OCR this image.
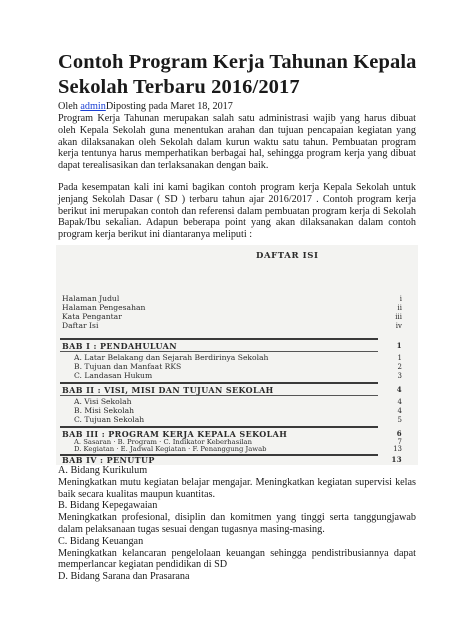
Contoh Program Kerja Tahunan Kepala Sekolah Terbaru 2016/2017
Oleh adminDiposting pada Maret 18, 2017
Program Kerja Tahunan merupakan salah satu administrasi wajib yang harus dibuat oleh Kepala Sekolah guna menentukan arahan dan tujuan pencapaian kegiatan yang akan dilaksanakan oleh Sekolah dalam kurun waktu satu tahun. Pembuatan program kerja tentunya harus memperhatikan berbagai hal, sehingga program kerja yang dibuat dapat terealisasikan dan terlaksanakan dengan baik.
Pada kesempatan kali ini kami bagikan contoh program kerja Kepala Sekolah untuk jenjang Sekolah Dasar ( SD ) terbaru tahun ajar 2016/2017 . Contoh program kerja berikut ini merupakan contoh dan referensi dalam pembuatan program kerja di Sekolah Bapak/Ibu sekalian. Adapun beberapa point yang akan dilaksanakan dalam contoh program kerja berikut ini diantaranya meliputi :
DAFTAR ISI
Halaman Judul	i
Halaman Pengesahan	ii
Kata Pengantar	iii
Daftar Isi	iv
BAB I : PENDAHULUAN	1
A. Latar Belakang dan Sejarah Berdirinya Sekolah	1
B. Tujuan dan Manfaat RKS	2
C. Landasan Hukum	3
BAB II : VISI, MISI DAN TUJUAN SEKOLAH	4
A. Visi Sekolah	4
B. Misi Sekolah	4
C. Tujuan Sekolah	5
BAB III : PROGRAM KERJA KEPALA SEKOLAH	6
A. Sasaran · B. Program · C. Indikator Keberhasilan	7
D. Kegiatan · E. Jadwal Kegiatan · F. Penanggung Jawab	13
BAB IV : PENUTUP	13
A. Bidang Kurikulum
Meningkatkan mutu kegiatan belajar mengajar. Meningkatkan kegiatan supervisi kelas baik secara kualitas maupun kuantitas.
B. Bidang Kepegawaian
Meningkatkan profesional, disiplin dan komitmen yang tinggi serta tanggungjawab dalam pelaksanaan tugas sesuai dengan tugasnya masing-masing.
C. Bidang Keuangan
Meningkatkan kelancaran pengelolaan keuangan sehingga pendistribusiannya dapat memperlancar kegiatan pendidikan di SD
D. Bidang Sarana dan Prasarana
